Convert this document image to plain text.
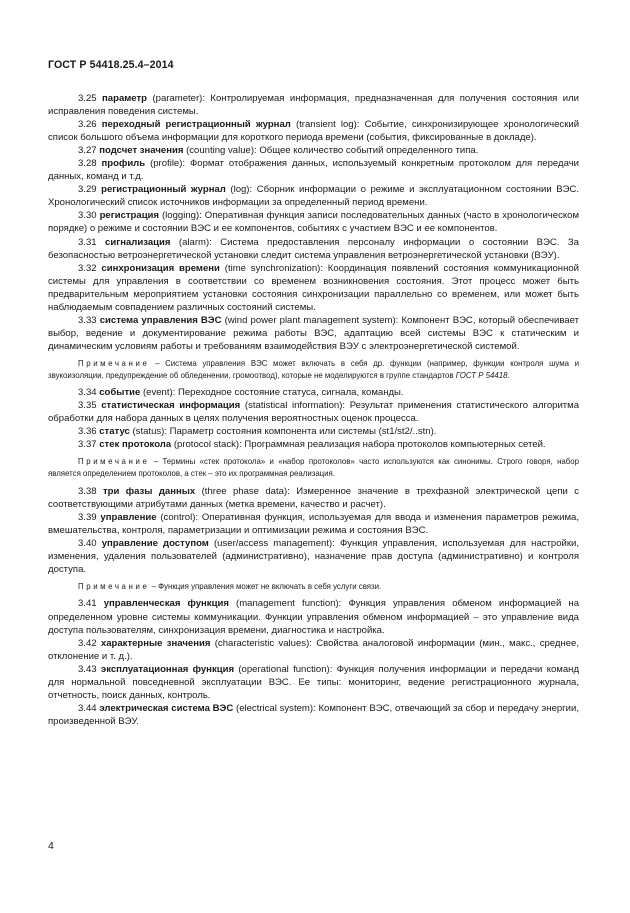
ГОСТ Р 54418.25.4–2014

3.25 параметр (parameter): Контролируемая информация, предназначенная для получения состояния или исправления поведения системы.

3.26 переходный регистрационный журнал (transient log): Событие, синхронизирующее хронологический список большого объема информации для короткого периода времени (события, фиксированные в докладе).

3.27 подсчет значения (counting value): Общее количество событий определенного типа.

3.28 профиль (profile): Формат отображения данных, используемый конкретным протоколом для передачи данных, команд и т.д.

3.29 регистрационный журнал (log): Сборник информации о режиме и эксплуатационном состоянии ВЭС. Хронологический список источников информации за определенный период времени.

3.30 регистрация (logging): Оперативная функция записи последовательных данных (часто в хронологическом порядке) о режиме и состоянии ВЭС и ее компонентов, событиях с участием ВЭС и ее компонентов.

3.31 сигнализация (alarm): Система предоставления персоналу информации о состоянии ВЭС. За безопасностью ветроэнергетической установки следит система управления ветроэнергетической установки (ВЭУ).

3.32 синхронизация времени (time synchronization): Координация появлений состояния коммуникационной системы для управления в соответствии со временем возникновения состояния. Этот процесс может быть предварительным мероприятием установки состояния синхронизации параллельно со временем, или может быть наблюдаемым совпадением различных состояний системы.

3.33 система управления ВЭС (wind power plant management system): Компонент ВЭС, который обеспечивает выбор, ведение и документирование режима работы ВЭС, адаптацию всей системы ВЭС к статическим и динамическим условиям работы и требованиям взаимодействия ВЭУ с электроэнергетической системой.

Примечание – Система управления ВЭС может включать в себя др. функции (например, функции контроля шума и звукоизоляции, предупреждение об обледенении, громоотвод), которые не моделируются в группе стандартов ГОСТ Р 54418.

3.34 событие (event): Переходное состояние статуса, сигнала, команды.

3.35 статистическая информация (statistical information): Результат применения статистического алгоритма обработки для набора данных в целях получения вероятностных оценок процесса.

3.36 статус (status): Параметр состояния компонента или системы (st1/st2/..stn).

3.37 стек протокола (protocol stack): Программная реализация набора протоколов компьютерных сетей.

Примечание – Термины «стек протокола» и «набор протоколов» часто используются как синонимы. Строго говоря, набор является определением протоколов, а стек – это их программная реализация.

3.38 три фазы данных (three phase data): Измеренное значение в трехфазной электрической цепи с соответствующими атрибутами данных (метка времени, качество и расчет).

3.39 управление (control): Оперативная функция, используемая для ввода и изменения параметров режима, вмешательства, контроля, параметризации и оптимизации режима и состояния ВЭС.

3.40 управление доступом (user/access management): Функция управления, используемая для настройки, изменения, удаления пользователей (административно), назначение прав доступа (административно) и контроля доступа.

Примечание – Функция управления может не включать в себя услуги связи.

3.41 управленческая функция (management function): Функция управления обменом информацией на определенном уровне системы коммуникации. Функции управления обменом информацией – это управление вида доступа пользователям, синхронизация времени, диагностика и настройка.

3.42 характерные значения (characteristic values): Свойства аналоговой информации (мин., макс., среднее, отклонение и т. д.).

3.43 эксплуатационная функция (operational function): Функция получения информации и передачи команд для нормальной повседневной эксплуатации ВЭС. Ее типы: мониторинг, ведение регистрационного журнала, отчетность, поиск данных, контроль.

3.44 электрическая система ВЭС (electrical system): Компонент ВЭС, отвечающий за сбор и передачу энергии, произведенной ВЭУ.

4
